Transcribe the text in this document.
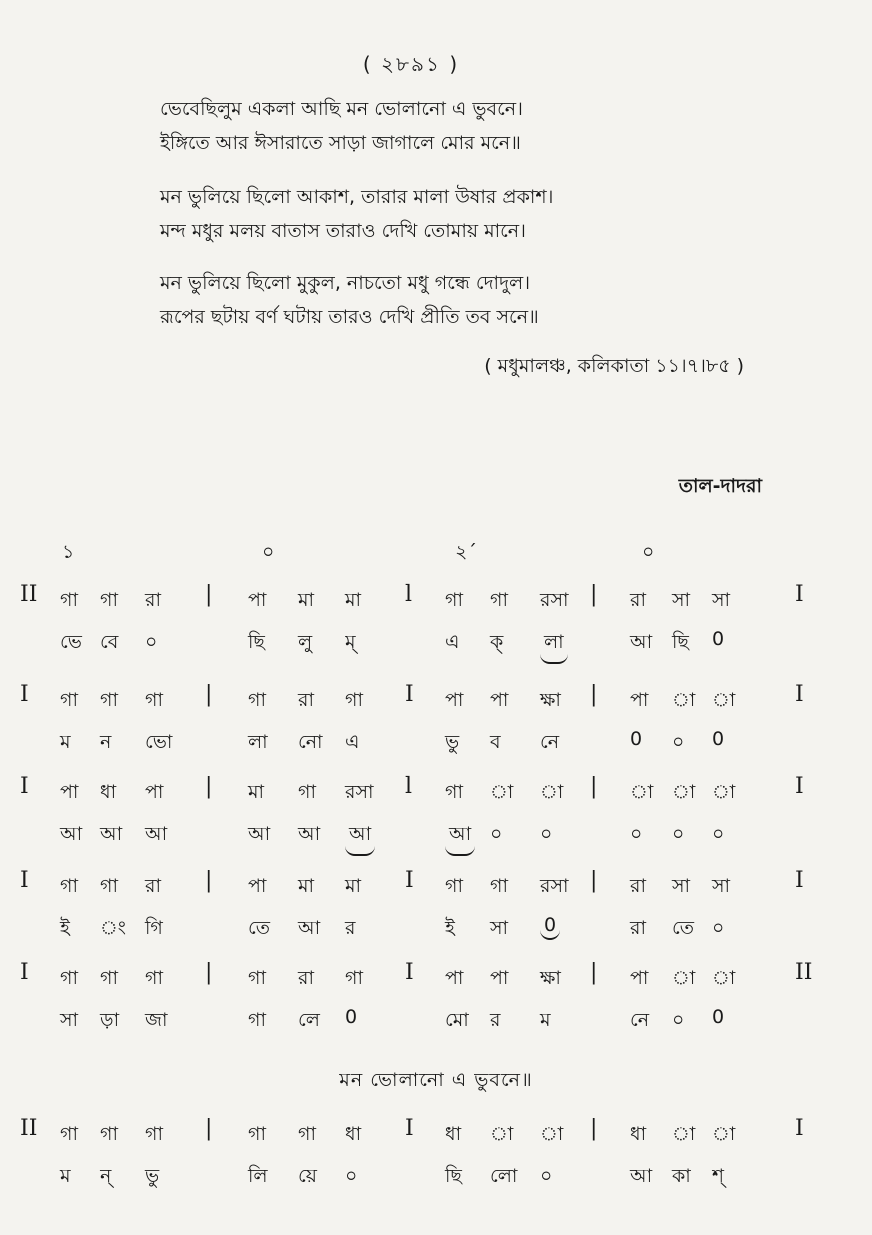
( ২৮৯১ )
ভেবেছিলুম একলা আছি মন ভোলানো এ ভুবনে।
ইঙ্গিতে আর ঈসারাতে সাড়া জাগালে মোর মনে॥
মন ভুলিয়ে ছিলো আকাশ, তারার মালা উষার প্রকাশ।
মন্দ মধুর মলয় বাতাস তারাও দেখি তোমায় মানে।
মন ভুলিয়ে ছিলো মুকুল, নাচতো মধু গন্ধে দোদুল।
রূপের ছটায় বর্ণ ঘটায় তারও দেখি প্রীতি তব সনে॥
( মধুমালঞ্চ, কলিকাতা ১১।৭।৮৫ )
তাল-দাদরা
১	০	২´	০
II গা গা রা | পা মা মা l গা গা রসা | রা সা সা	I
ভে বে ০	ছি লু ম্‌	এ ক্ লা	আ ছি 0
I গা গা গা | গা রা গা I পা পা ক্ষা | পা া া	I
ম ন ভো	লা নো এ	ভু ব নে	0 ০ 0
I পা ধা পা | মা গা রসা l গা া া | া া া	I
আ আ আ	আ আ আ	আ ০ ০	০ ০ ০
I গা গা রা | পা মা মা I গা গা রসা | রা সা সা	I
ই ং গি	তে আ র	ই সা 0	রা তে ০
I গা গা গা | গা রা গা I পা পা ক্ষা | পা া া	II
সা ড়া জা	গা লে 0	মো র ম	নে ০ 0
II গা গা গা | গা গা ধা I ধা া া | ধা া া	I
ম ন্ ভু	লি য়ে ০	ছি লো ০	আ কা শ্
মন ভোলানো এ ভুবনে॥
